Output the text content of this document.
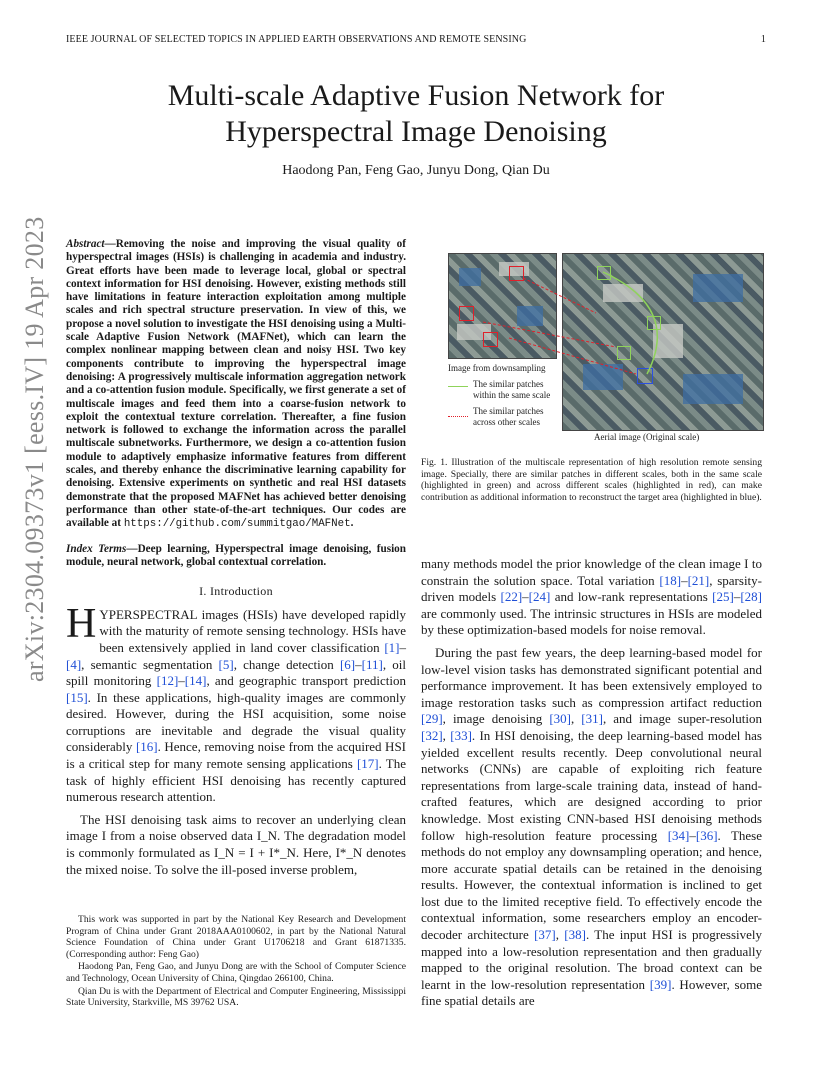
IEEE JOURNAL OF SELECTED TOPICS IN APPLIED EARTH OBSERVATIONS AND REMOTE SENSING	1
arXiv:2304.09373v1 [eess.IV] 19 Apr 2023
Multi-scale Adaptive Fusion Network for
Hyperspectral Image Denoising
Haodong Pan, Feng Gao, Junyu Dong, Qian Du
Abstract—Removing the noise and improving the visual quality of hyperspectral images (HSIs) is challenging in academia and industry. Great efforts have been made to leverage local, global or spectral context information for HSI denoising. However, existing methods still have limitations in feature interaction exploitation among multiple scales and rich spectral structure preservation. In view of this, we propose a novel solution to investigate the HSI denoising using a Multi-scale Adaptive Fusion Network (MAFNet), which can learn the complex nonlinear mapping between clean and noisy HSI. Two key components contribute to improving the hyperspectral image denoising: A progressively multiscale information aggregation network and a co-attention fusion module. Specifically, we first generate a set of multiscale images and feed them into a coarse-fusion network to exploit the contextual texture correlation. Thereafter, a fine fusion network is followed to exchange the information across the parallel multiscale subnetworks. Furthermore, we design a co-attention fusion module to adaptively emphasize informative features from different scales, and thereby enhance the discriminative learning capability for denoising. Extensive experiments on synthetic and real HSI datasets demonstrate that the proposed MAFNet has achieved better denoising performance than other state-of-the-art techniques. Our codes are available at https://github.com/summitgao/MAFNet.
Index Terms—Deep learning, Hyperspectral image denoising, fusion module, neural network, global contextual correlation.
I. Introduction

HYPERSPECTRAL images (HSIs) have developed rapidly with the maturity of remote sensing technology. HSIs have been extensively applied in land cover classification [1]–[4], semantic segmentation [5], change detection [6]–[11], oil spill monitoring [12]–[14], and geographic transport prediction [15]. In these applications, high-quality images are commonly desired. However, during the HSI acquisition, some noise corruptions are inevitable and degrade the visual quality considerably [16]. Hence, removing noise from the acquired HSI is a critical step for many remote sensing applications [17]. The task of highly efficient HSI denoising has recently captured numerous research attention.

The HSI denoising task aims to recover an underlying clean image I from a noise observed data I_N. The degradation model is commonly formulated as I_N = I + I*_N. Here, I*_N denotes the mixed noise. To solve the ill-posed inverse problem,

This work was supported in part by the National Key Research and Development Program of China under Grant 2018AAA0100602, in part by the National Natural Science Foundation of China under Grant U1706218 and Grant 61871335. (Corresponding author: Feng Gao)

Haodong Pan, Feng Gao, and Junyu Dong are with the School of Computer Science and Technology, Ocean University of China, Qingdao 266100, China.

Qian Du is with the Department of Electrical and Computer Engineering, Mississippi State University, Starkville, MS 39762 USA.

Image from downsampling
The similar patches within the same scale
The similar patches across other scales
Aerial image (Original scale)
Fig. 1. Illustration of the multiscale representation of high resolution remote sensing image. Specially, there are similar patches in different scales, both in the same scale (highlighted in green) and across different scales (highlighted in red), can make contribution as additional information to reconstruct the target area (highlighted in blue).

many methods model the prior knowledge of the clean image I to constrain the solution space. Total variation [18]–[21], sparsity-driven models [22]–[24] and low-rank representations [25]–[28] are commonly used. The intrinsic structures in HSIs are modeled by these optimization-based models for noise removal.

During the past few years, the deep learning-based model for low-level vision tasks has demonstrated significant potential and performance improvement. It has been extensively employed to image restoration tasks such as compression artifact reduction [29], image denoising [30], [31], and image super-resolution [32], [33]. In HSI denoising, the deep learning-based model has yielded excellent results recently. Deep convolutional neural networks (CNNs) are capable of exploiting rich feature representations from large-scale training data, instead of hand-crafted features, which are designed according to prior knowledge. Most existing CNN-based HSI denoising methods follow high-resolution feature processing [34]–[36]. These methods do not employ any downsampling operation; and hence, more accurate spatial details can be retained in the denoising results. However, the contextual information is inclined to get lost due to the limited receptive field. To effectively encode the contextual information, some researchers employ an encoder-decoder architecture [37], [38]. The input HSI is progressively mapped into a low-resolution representation and then gradually mapped to the original resolution. The broad context can be learnt in the low-resolution representation [39]. However, some fine spatial details are
